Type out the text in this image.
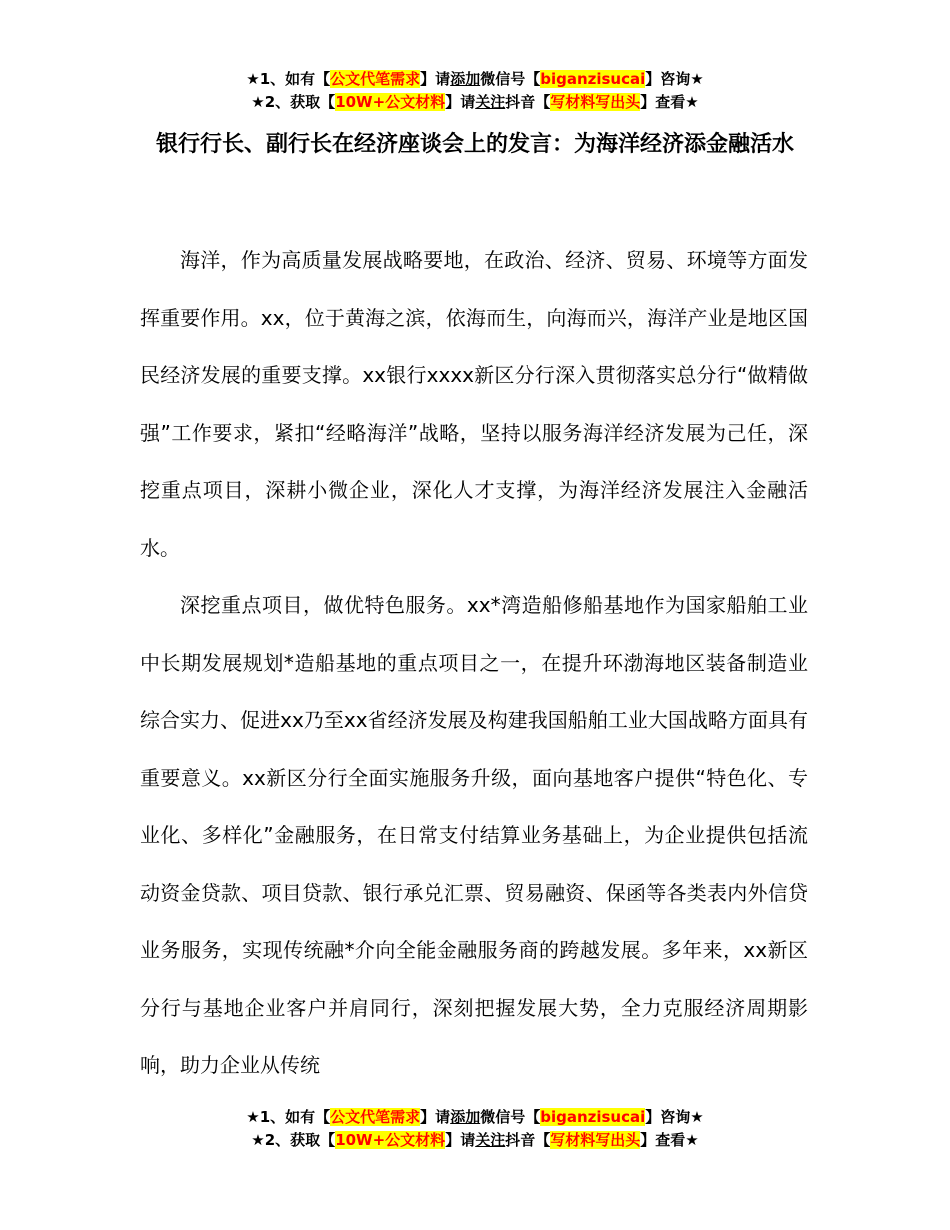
★1、如有【公文代笔需求】请添加微信号【biganzisucai】咨询★
★2、获取【10W+公文材料】请关注抖音【写材料写出头】查看★
银行行长、副行长在经济座谈会上的发言：为海洋经济添金融活水

海洋，作为高质量发展战略要地，在政治、经济、贸易、环境等方面发挥重要作用。xx，位于黄海之滨，依海而生，向海而兴，海洋产业是地区国民经济发展的重要支撑。xx银行xxxx新区分行深入贯彻落实总分行“做精做强”工作要求，紧扣“经略海洋”战略，坚持以服务海洋经济发展为己任，深挖重点项目，深耕小微企业，深化人才支撑，为海洋经济发展注入金融活水。

深挖重点项目，做优特色服务。xx*湾造船修船基地作为国家船舶工业中长期发展规划*造船基地的重点项目之一，在提升环渤海地区装备制造业综合实力、促进xx乃至xx省经济发展及构建我国船舶工业大国战略方面具有重要意义。xx新区分行全面实施服务升级，面向基地客户提供“特色化、专业化、多样化”金融服务，在日常支付结算业务基础上，为企业提供包括流动资金贷款、项目贷款、银行承兑汇票、贸易融资、保函等各类表内外信贷业务服务，实现传统融*介向全能金融服务商的跨越发展。多年来，xx新区分行与基地企业客户并肩同行，深刻把握发展大势，全力克服经济周期影响，助力企业从传统

★1、如有【公文代笔需求】请添加微信号【biganzisucai】咨询★
★2、获取【10W+公文材料】请关注抖音【写材料写出头】查看★
